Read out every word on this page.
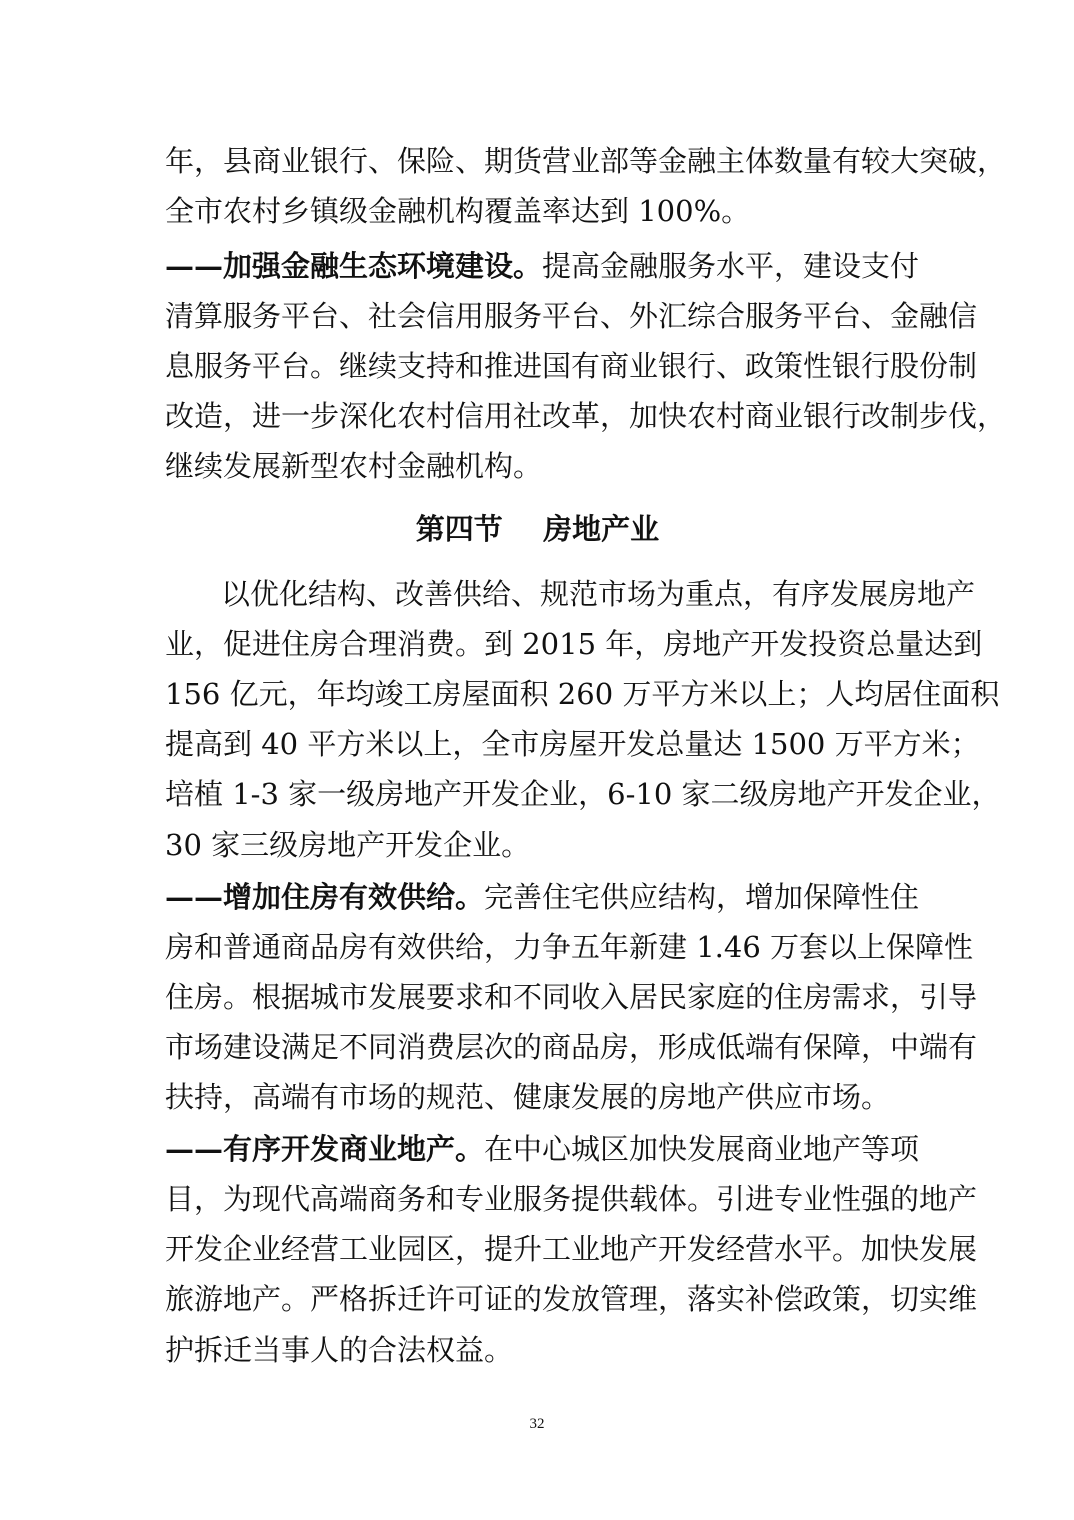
年，县商业银行、保险、期货营业部等金融主体数量有较大突破，
全市农村乡镇级金融机构覆盖率达到 100%。
——加强金融生态环境建设。提高金融服务水平，建设支付
清算服务平台、社会信用服务平台、外汇综合服务平台、金融信
息服务平台。继续支持和推进国有商业银行、政策性银行股份制
改造，进一步深化农村信用社改革，加快农村商业银行改制步伐，
继续发展新型农村金融机构。
第四节    房地产业
以优化结构、改善供给、规范市场为重点，有序发展房地产
业，促进住房合理消费。到 2015 年，房地产开发投资总量达到
156 亿元，年均竣工房屋面积 260 万平方米以上；人均居住面积
提高到 40 平方米以上，全市房屋开发总量达 1500 万平方米；
培植 1-3 家一级房地产开发企业，6-10 家二级房地产开发企业，
30 家三级房地产开发企业。
——增加住房有效供给。完善住宅供应结构，增加保障性住
房和普通商品房有效供给，力争五年新建 1.46 万套以上保障性
住房。根据城市发展要求和不同收入居民家庭的住房需求，引导
市场建设满足不同消费层次的商品房，形成低端有保障，中端有
扶持，高端有市场的规范、健康发展的房地产供应市场。
——有序开发商业地产。在中心城区加快发展商业地产等项
目，为现代高端商务和专业服务提供载体。引进专业性强的地产
开发企业经营工业园区，提升工业地产开发经营水平。加快发展
旅游地产。严格拆迁许可证的发放管理，落实补偿政策，切实维
护拆迁当事人的合法权益。
32
